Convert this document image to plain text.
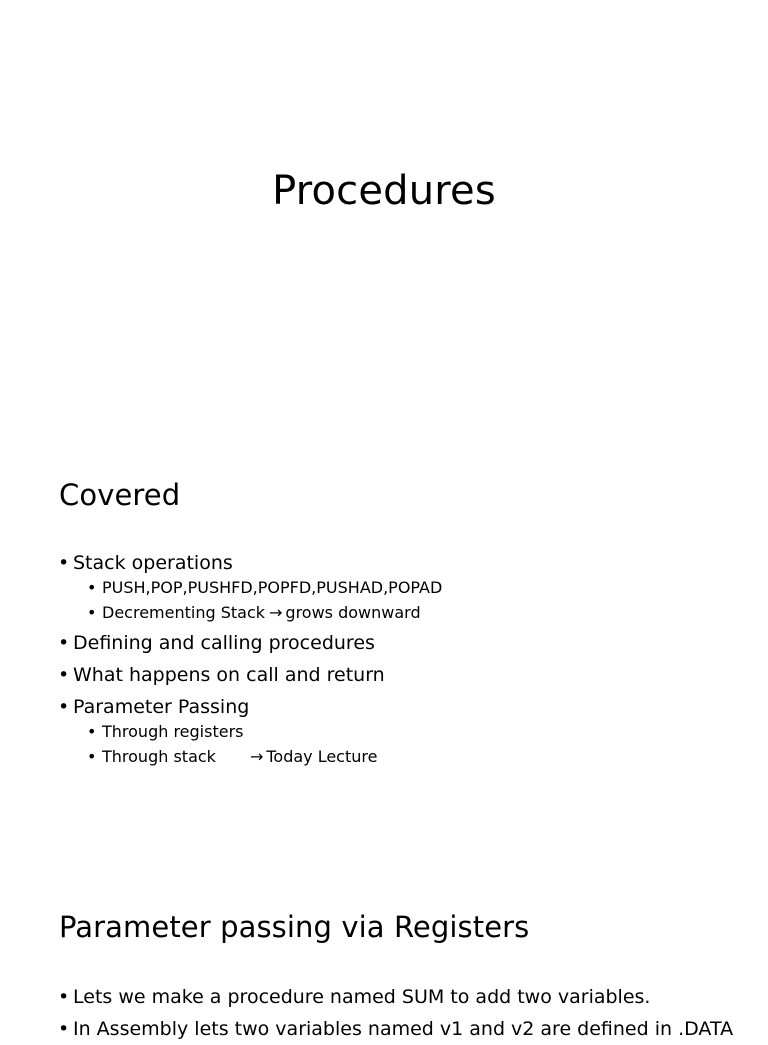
Procedures
Covered
• Stack operations
• PUSH,POP,PUSHFD,POPFD,PUSHAD,POPAD
• Decrementing Stack → grows downward
• Defining and calling procedures
• What happens on call and return
• Parameter Passing
• Through registers
• Through stack → Today Lecture
Parameter passing via Registers
• Lets we make a procedure named SUM to add two variables.
• In Assembly lets two variables named v1 and v2 are defined in .DATA
